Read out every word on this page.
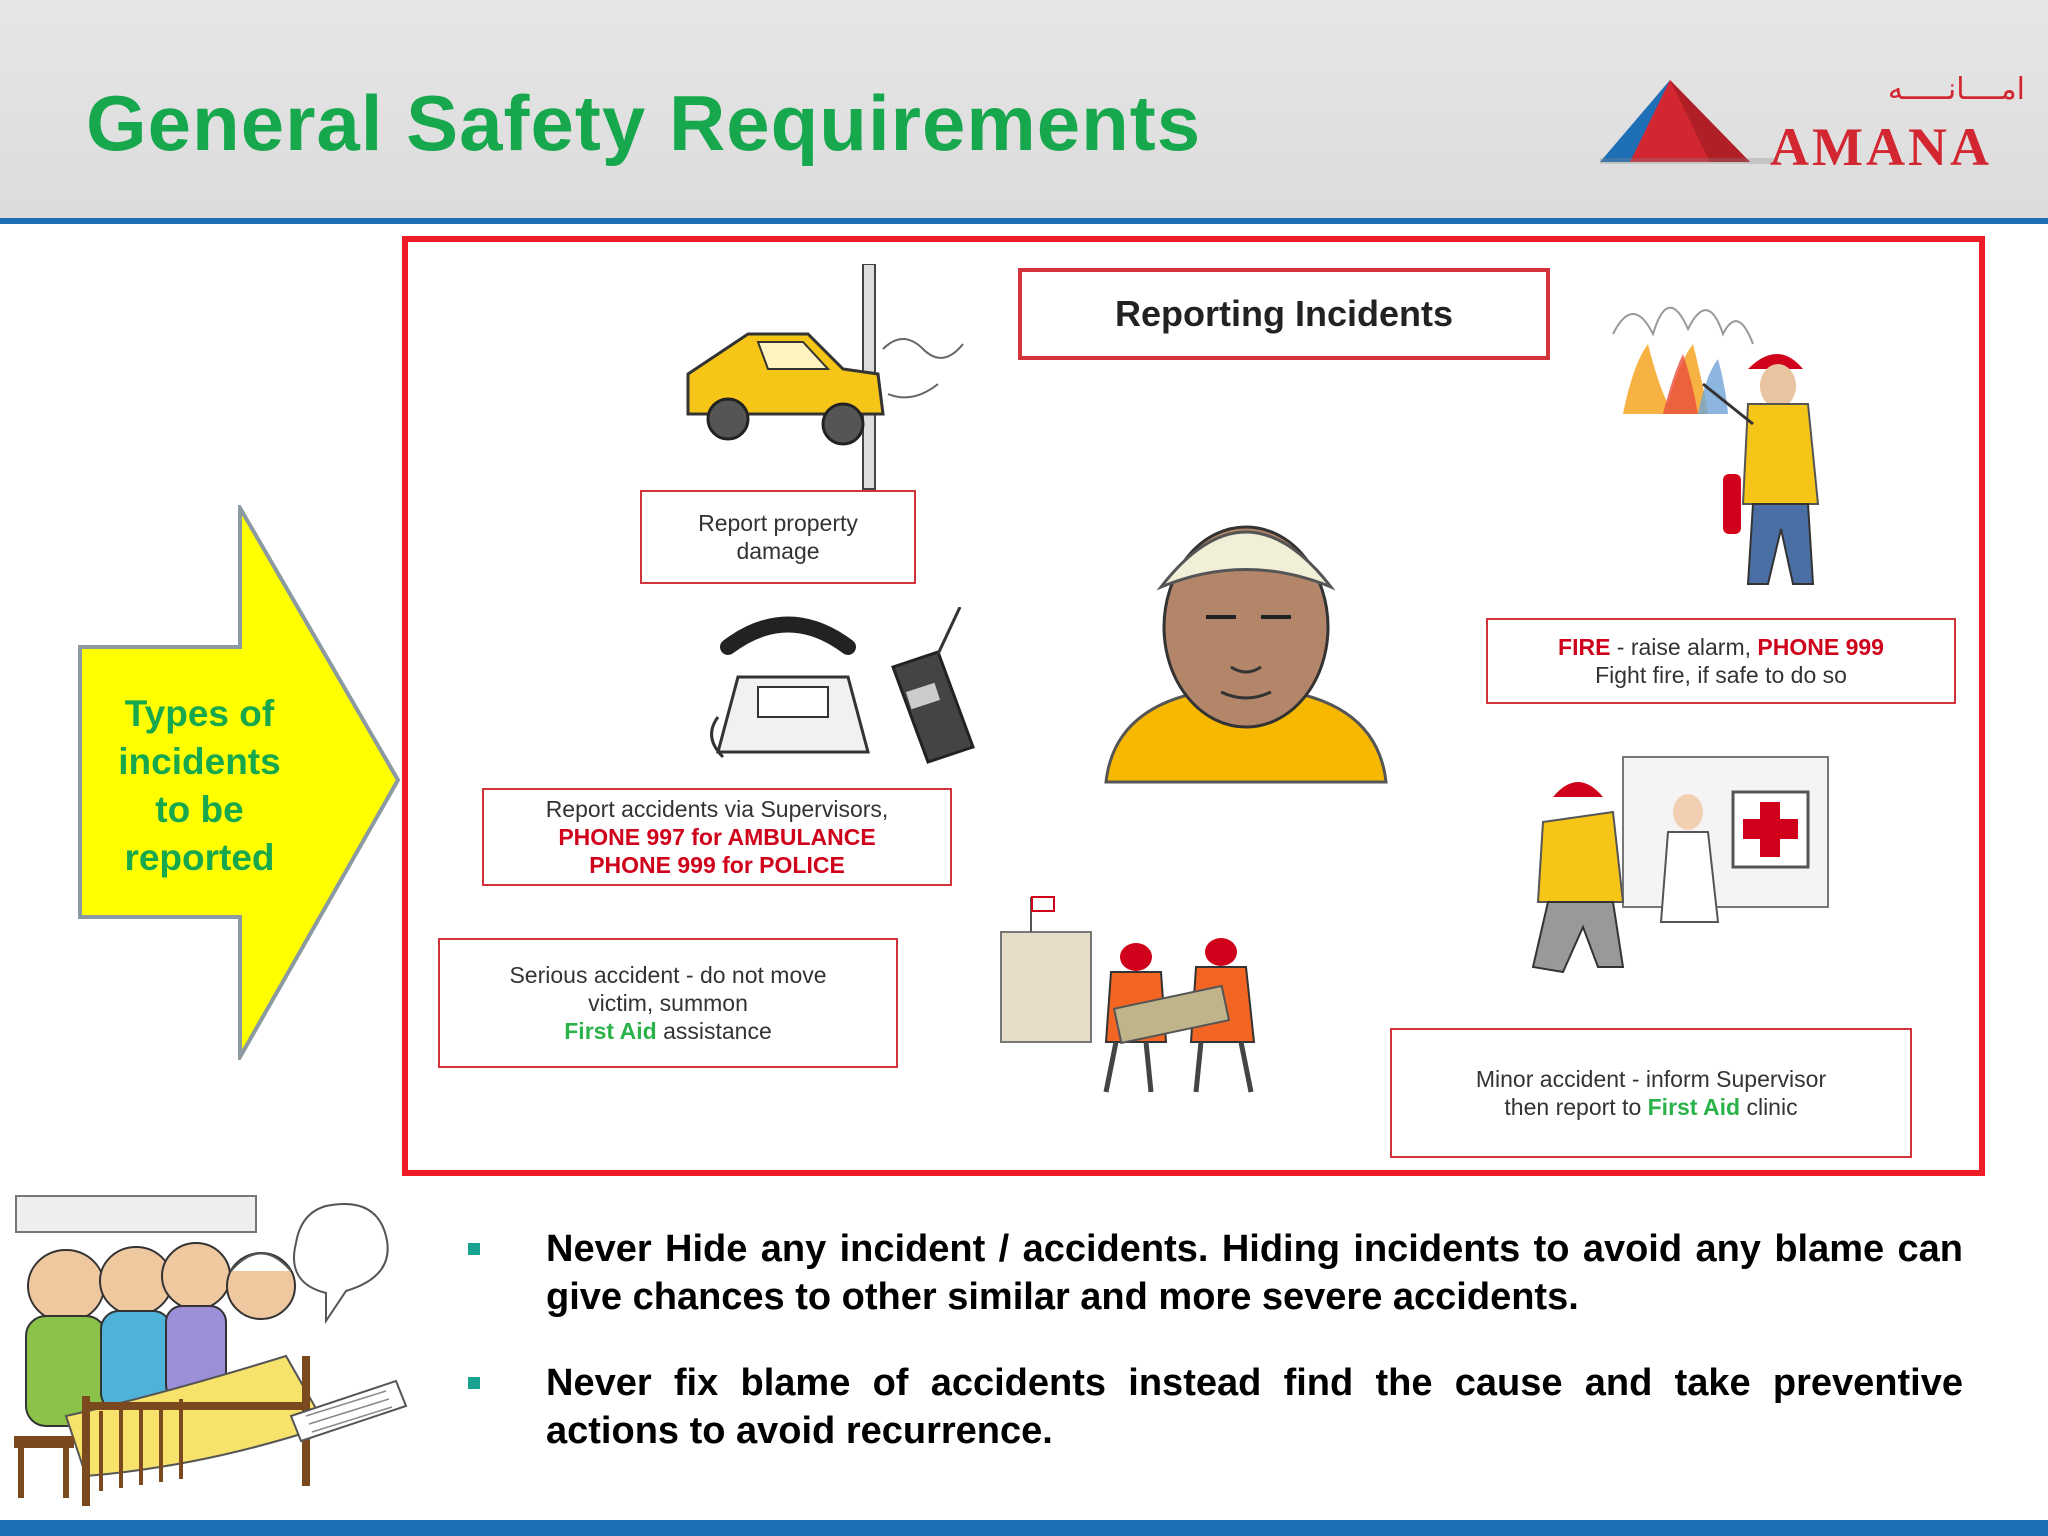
General Safety Requirements	امــــانـــــه
AMANA
Types of
incidents
to be
reported
Reporting Incidents
Report property
damage
Report accidents via Supervisors,
PHONE 997 for AMBULANCE
PHONE 999 for POLICE
Serious accident - do not move
victim, summon
First Aid assistance
FIRE - raise alarm, PHONE 999
Fight fire, if safe to do so
Minor accident - inform Supervisor
then report to First Aid clinic
Never Hide any incident / accidents. Hiding incidents to avoid any blame can give chances to other similar and more severe accidents.
Never fix blame of accidents instead find the cause and take preventive actions to avoid recurrence.
